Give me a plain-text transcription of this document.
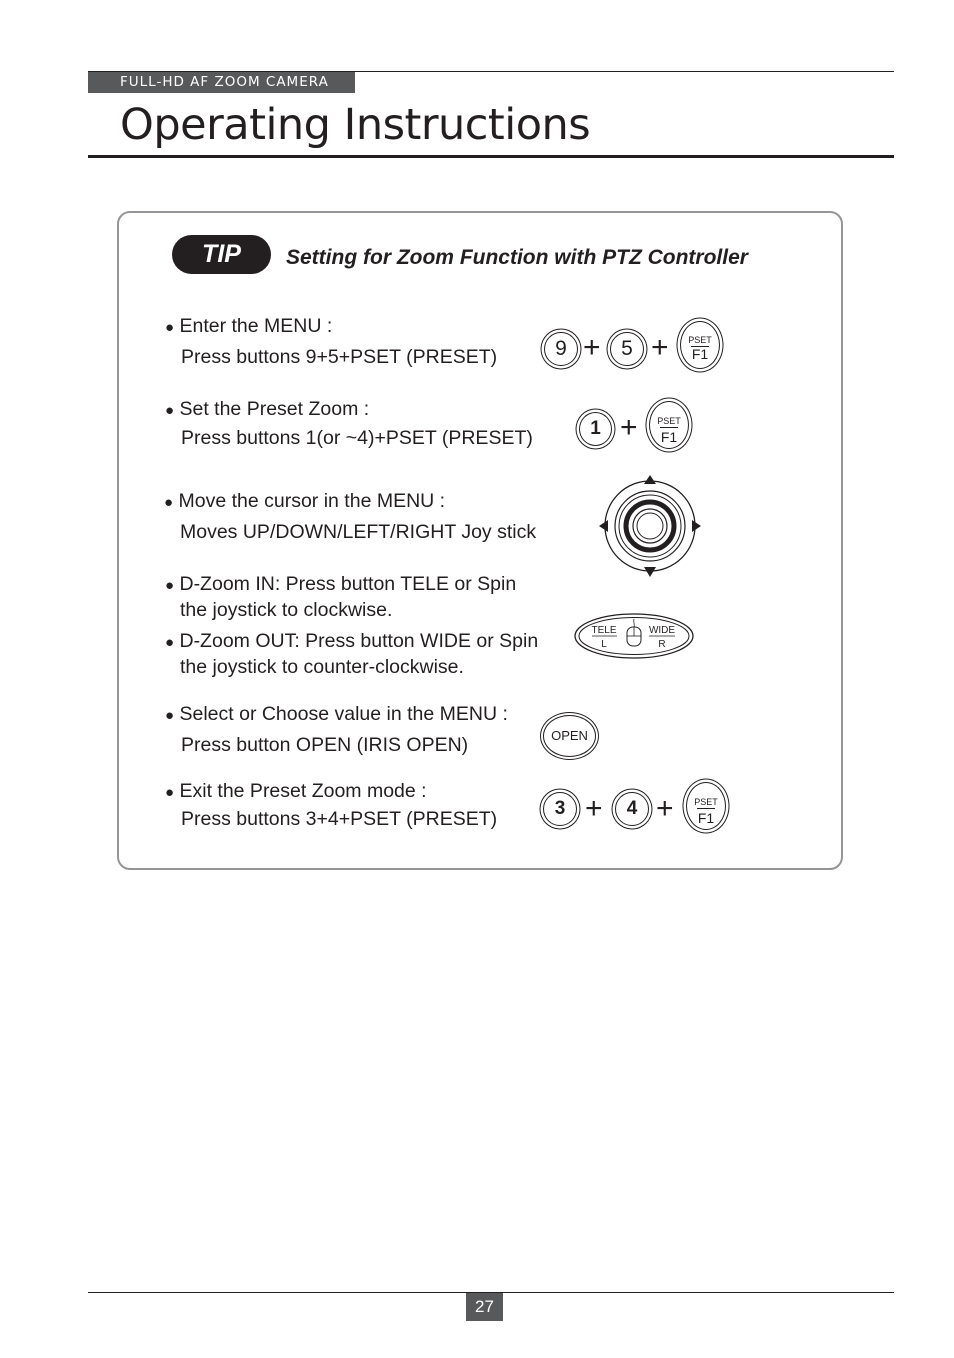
FULL-HD AF ZOOM CAMERA
Operating Instructions
TIP	Setting for Zoom Function with PTZ Controller
● Enter the MENU :
Press buttons 9+5+PSET (PRESET)	9 + 5 +	PSET
F1
● Set the Preset Zoom :
Press buttons 1(or ~4)+PSET (PRESET)	1 +	PSET
F1
● Move the cursor in the MENU :
Moves UP/DOWN/LEFT/RIGHT Joy stick
● D-Zoom IN: Press button TELE or Spin
the joystick to clockwise.
● D-Zoom OUT: Press button WIDE or Spin
the joystick to counter-clockwise.
TELE
L
WIDE
R
● Select or Choose value in the MENU :
Press button OPEN (IRIS OPEN)	OPEN
● Exit the Preset Zoom mode :
Press buttons 3+4+PSET (PRESET)	3 +	4 +	PSET
F1
27
